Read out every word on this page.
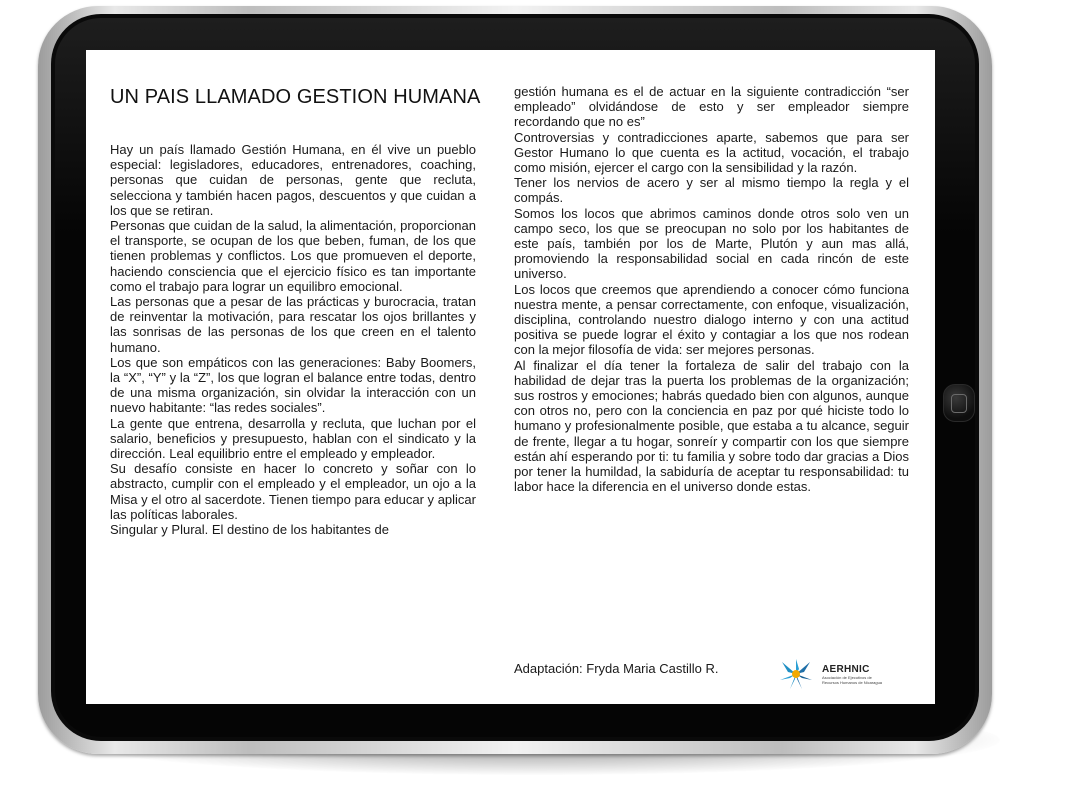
UN PAIS LLAMADO GESTION HUMANA

Hay un país llamado Gestión Humana, en él vive un pueblo especial: legisladores, educadores, entrenadores, coaching, personas que cuidan de personas, gente que recluta, selecciona y también hacen pagos, descuentos y que cuidan a los que se retiran.

Personas que cuidan de la salud, la alimentación, proporcionan el transporte, se ocupan de los que beben, fuman, de los que tienen problemas y conflictos. Los que promueven el deporte, haciendo consciencia que el ejercicio físico es tan importante como el trabajo para lograr un equilibro emocional.

Las personas que a pesar de las prácticas y burocracia, tratan de reinventar la motivación, para rescatar los ojos brillantes y las sonrisas de las personas de los que creen en el talento humano.

Los que son empáticos con las generaciones: Baby Boomers, la “X”, “Y” y la “Z”, los que logran el balance entre todas, dentro de una misma organización, sin olvidar la interacción con un nuevo habitante: “las redes sociales”.

La gente que entrena, desarrolla y recluta, que luchan por el salario, beneficios y presupuesto, hablan con el sindicato y la dirección. Leal equilibrio entre el empleado y empleador.

Su desafío consiste en hacer lo concreto y soñar con lo abstracto, cumplir con el empleado y el empleador, un ojo a la Misa y el otro al sacerdote. Tienen tiempo para educar y aplicar las políticas laborales.

Singular y Plural. El destino de los habitantes de

gestión humana es el de actuar en la siguiente contradicción “ser empleado” olvidándose de esto y ser empleador siempre recordando que no es”

Controversias y contradicciones aparte, sabemos que para ser Gestor Humano lo que cuenta es la actitud, vocación, el trabajo como misión, ejercer el cargo con la sensibilidad y la razón.

Tener los nervios de acero y ser al mismo tiempo la regla y el compás.

Somos los locos que abrimos caminos donde otros solo ven un campo seco, los que se preocupan no solo por los habitantes de este país, también por los de Marte, Plutón y aun mas allá, promoviendo la responsabilidad social en cada rincón de este universo.

Los locos que creemos que aprendiendo a conocer cómo funciona nuestra mente, a pensar correctamente, con enfoque, visualización, disciplina, controlando nuestro dialogo interno y con una actitud positiva se puede lograr el éxito y contagiar a los que nos rodean con la mejor filosofía de vida: ser mejores personas.

Al finalizar el día tener la fortaleza de salir del trabajo con la habilidad de dejar tras la puerta los problemas de la organización; sus rostros y emociones; habrás quedado bien con algunos, aunque con otros no, pero con la conciencia en paz por qué hiciste todo lo humano y profesionalmente posible, que estaba a tu alcance, seguir de frente, llegar a tu hogar, sonreír y compartir con los que siempre están ahí esperando por ti: tu familia y sobre todo dar gracias a Dios por tener la humildad, la sabiduría de aceptar tu responsabilidad: tu labor hace la diferencia en el universo donde estas.

Adaptación: Fryda Maria Castillo R.	AERHNIC
Asociación de Ejecutivos de
Recursos Humanos de Nicaragua
